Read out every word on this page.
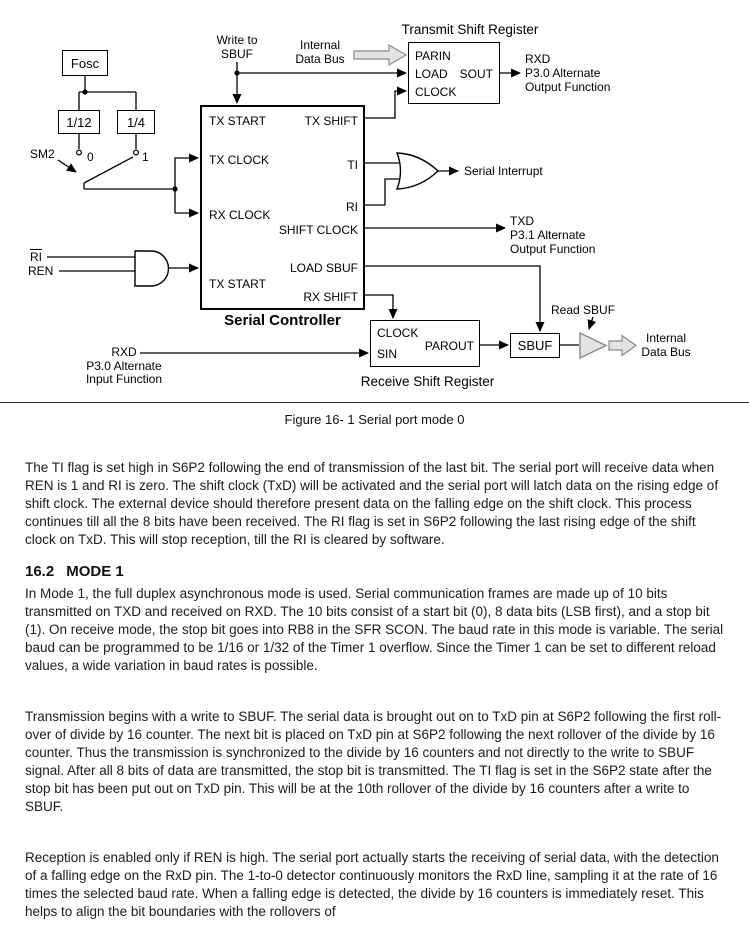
Transmit Shift Register
Write to
SBUF
Internal
Data Bus	RXD
P3.0 Alternate
Output Function
Serial Interrupt
TXD
P3.1 Alternate
Output Function
SM2	0	1
$\overline{RI}$
REN
Serial Controller
RXD
P3.0 Alternate
Input Function	Receive Shift Register
Read SBUF
Internal
Data Bus
Fosc
1/12	1/4
PARIN
LOAD
CLOCK
SOUT
TX START	TX SHIFT
TX CLOCK	TI
RX CLOCK
RI
SHIFT CLOCK
LOAD SBUF
TX START
RX SHIFT
CLOCK
SIN
PAROUT	SBUF
Figure 16- 1 Serial port mode 0

The TI flag is set high in S6P2 following the end of transmission of the last bit. The serial port will receive data when REN is 1 and RI is zero. The shift clock (TxD) will be activated and the serial port will latch data on the rising edge of shift clock. The external device should therefore present data on the falling edge on the shift clock. This process continues till all the 8 bits have been received. The RI flag is set in S6P2 following the last rising edge of the shift clock on TxD. This will stop reception, till the RI is cleared by software.

16.2 MODE 1

In Mode 1, the full duplex asynchronous mode is used. Serial communication frames are made up of 10 bits transmitted on TXD and received on RXD. The 10 bits consist of a start bit (0), 8 data bits (LSB first), and a stop bit (1). On receive mode, the stop bit goes into RB8 in the SFR SCON. The baud rate in this mode is variable. The serial baud can be programmed to be 1/16 or 1/32 of the Timer 1 overflow. Since the Timer 1 can be set to different reload values, a wide variation in baud rates is possible.

Transmission begins with a write to SBUF. The serial data is brought out on to TxD pin at S6P2 following the first roll-over of divide by 16 counter. The next bit is placed on TxD pin at S6P2 following the next rollover of the divide by 16 counter. Thus the transmission is synchronized to the divide by 16 counters and not directly to the write to SBUF signal. After all 8 bits of data are transmitted, the stop bit is transmitted. The TI flag is set in the S6P2 state after the stop bit has been put out on TxD pin. This will be at the 10th rollover of the divide by 16 counters after a write to SBUF.

Reception is enabled only if REN is high. The serial port actually starts the receiving of serial data, with the detection of a falling edge on the RxD pin. The 1-to-0 detector continuously monitors the RxD line, sampling it at the rate of 16 times the selected baud rate. When a falling edge is detected, the divide by 16 counters is immediately reset. This helps to align the bit boundaries with the rollovers of
